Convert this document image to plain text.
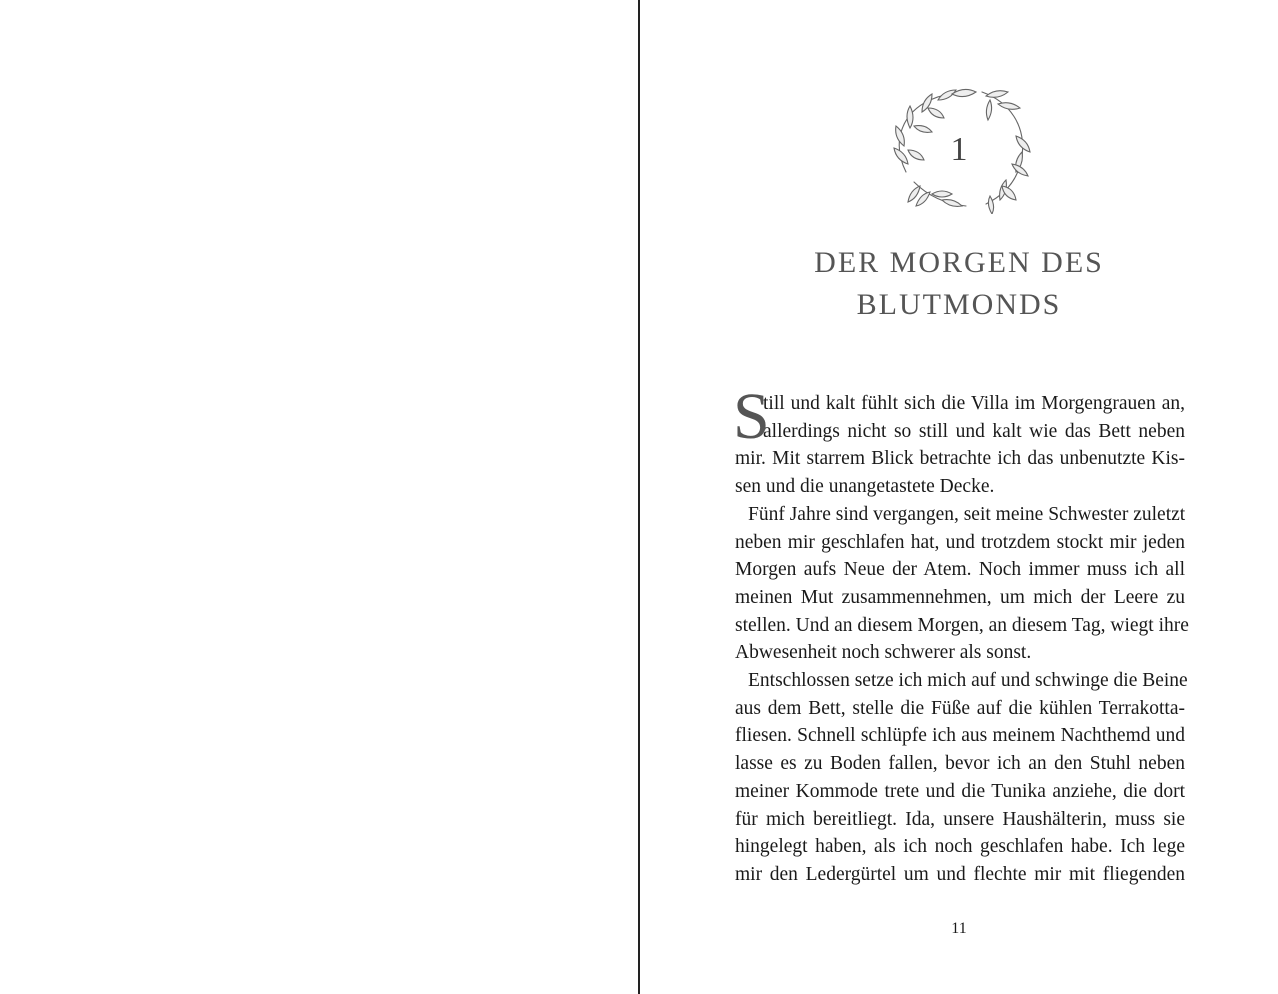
1
DER MORGEN DES
BLUTMONDS
S
till und kalt fühlt sich die Villa im Morgengrauen an,
allerdings nicht so still und kalt wie das Bett neben
mir. Mit starrem Blick betrachte ich das unbenutzte Kis-
sen und die unangetastete Decke.
Fünf Jahre sind vergangen, seit meine Schwester zuletzt
neben mir geschlafen hat, und trotzdem stockt mir jeden
Morgen aufs Neue der Atem. Noch immer muss ich all
meinen Mut zusammennehmen, um mich der Leere zu
stellen. Und an diesem Morgen, an diesem Tag, wiegt ihre
Abwesenheit noch schwerer als sonst.
Entschlossen setze ich mich auf und schwinge die Beine
aus dem Bett, stelle die Füße auf die kühlen Terrakotta-
fliesen. Schnell schlüpfe ich aus meinem Nachthemd und
lasse es zu Boden fallen, bevor ich an den Stuhl neben
meiner Kommode trete und die Tunika anziehe, die dort
für mich bereitliegt. Ida, unsere Haushälterin, muss sie
hingelegt haben, als ich noch geschlafen habe. Ich lege
mir den Ledergürtel um und flechte mir mit fliegenden
11
